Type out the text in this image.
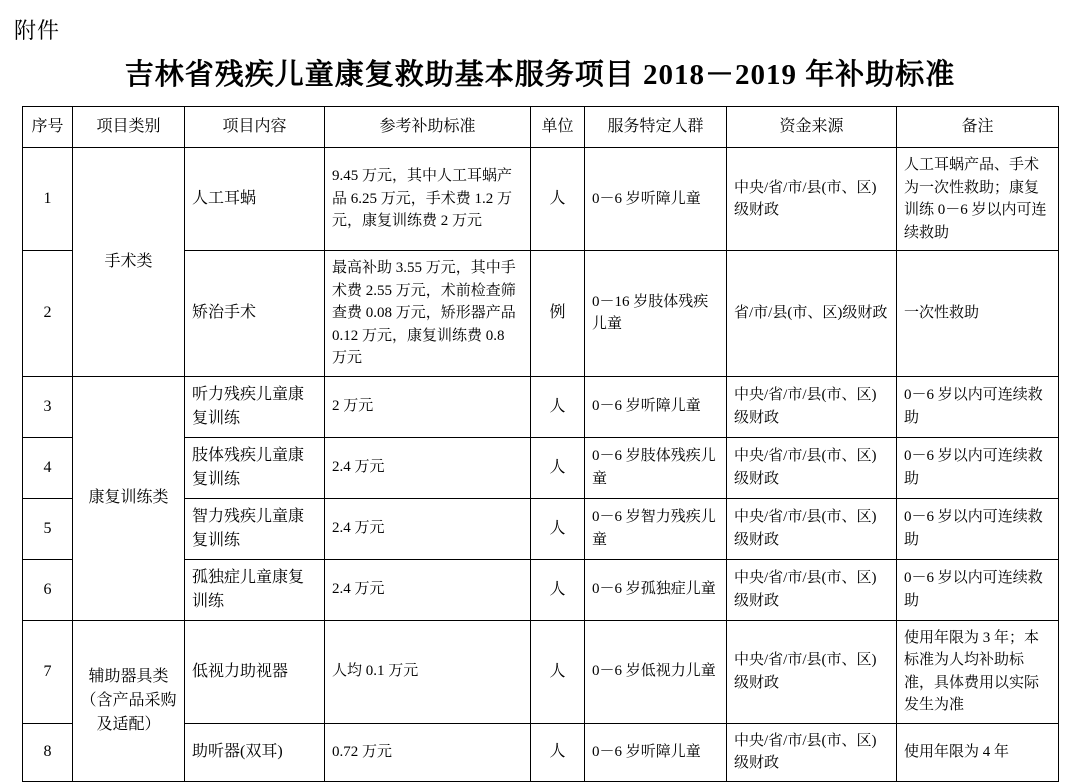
附件
吉林省残疾儿童康复救助基本服务项目 2018－2019 年补助标准
序号	项目类别	项目内容	参考补助标准	单位	服务特定人群	资金来源	备注
1	手术类	人工耳蜗	9.45 万元，其中人工耳蜗产品 6.25 万元，手术费 1.2 万元，康复训练费 2 万元	人	0－6 岁听障儿童	中央/省/市/县(市、区)级财政	人工耳蜗产品、手术为一次性救助；康复训练 0－6 岁以内可连续救助
2		矫治手术	最高补助 3.55 万元，其中手术费 2.55 万元，术前检查筛查费 0.08 万元，矫形器产品 0.12 万元，康复训练费 0.8 万元	例	0－16 岁肢体残疾儿童	省/市/县(市、区)级财政	一次性救助
3	康复训练类	听力残疾儿童康复训练	2 万元	人	0－6 岁听障儿童	中央/省/市/县(市、区)级财政	0－6 岁以内可连续救助
4		肢体残疾儿童康复训练	2.4 万元	人	0－6 岁肢体残疾儿童	中央/省/市/县(市、区)级财政	0－6 岁以内可连续救助
5		智力残疾儿童康复训练	2.4 万元	人	0－6 岁智力残疾儿童	中央/省/市/县(市、区)级财政	0－6 岁以内可连续救助
6		孤独症儿童康复训练	2.4 万元	人	0－6 岁孤独症儿童	中央/省/市/县(市、区)级财政	0－6 岁以内可连续救助
7	辅助器具类（含产品采购及适配）	低视力助视器	人均 0.1 万元	人	0－6 岁低视力儿童	中央/省/市/县(市、区)级财政	使用年限为 3 年；本标准为人均补助标准，具体费用以实际发生为准
8		助听器(双耳)	0.72 万元	人	0－6 岁听障儿童	中央/省/市/县(市、区)级财政	使用年限为 4 年
